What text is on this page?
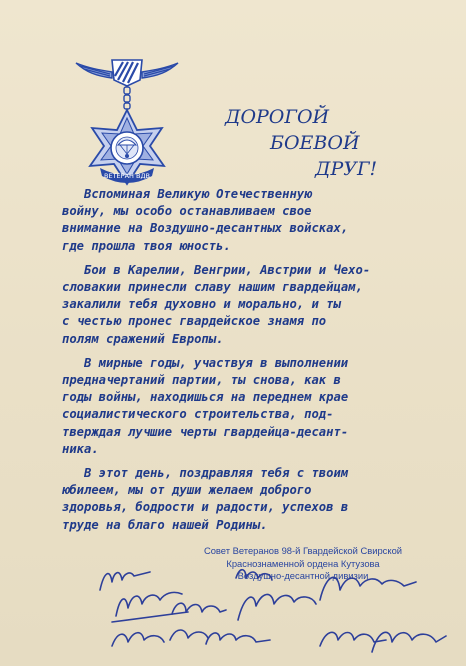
ВЕТЕРАН ВДВ
ДОРОГОЙ
БОЕВОЙ
ДРУГ!
Вспоминая Великую Отечественную
войну, мы особо останавливаем свое
внимание на Воздушно-десантных войсках,
где прошла твоя юность.
Бои в Карелии, Венгрии, Австрии и Чехо-
словакии принесли славу нашим гвардейцам,
закалили тебя духовно и морально, и ты
с честью пронес гвардейское знамя по
полям сражений Европы.
В мирные годы, участвуя в выполнении
предначертаний партии, ты снова, как в
годы войны, находишься на переднем крае
социалистического строительства, под-
тверждая лучшие черты гвардейца-десант-
ника.
В этот день, поздравляя тебя с твоим
юбилеем, мы от души желаем доброго
здоровья, бодрости и радости, успехов в
труде на благо нашей Родины.
Совет Ветеранов 98-й Гвардейской Свирской
Краснознаменной ордена Кутузова
Воздушно-десантной дивизии
